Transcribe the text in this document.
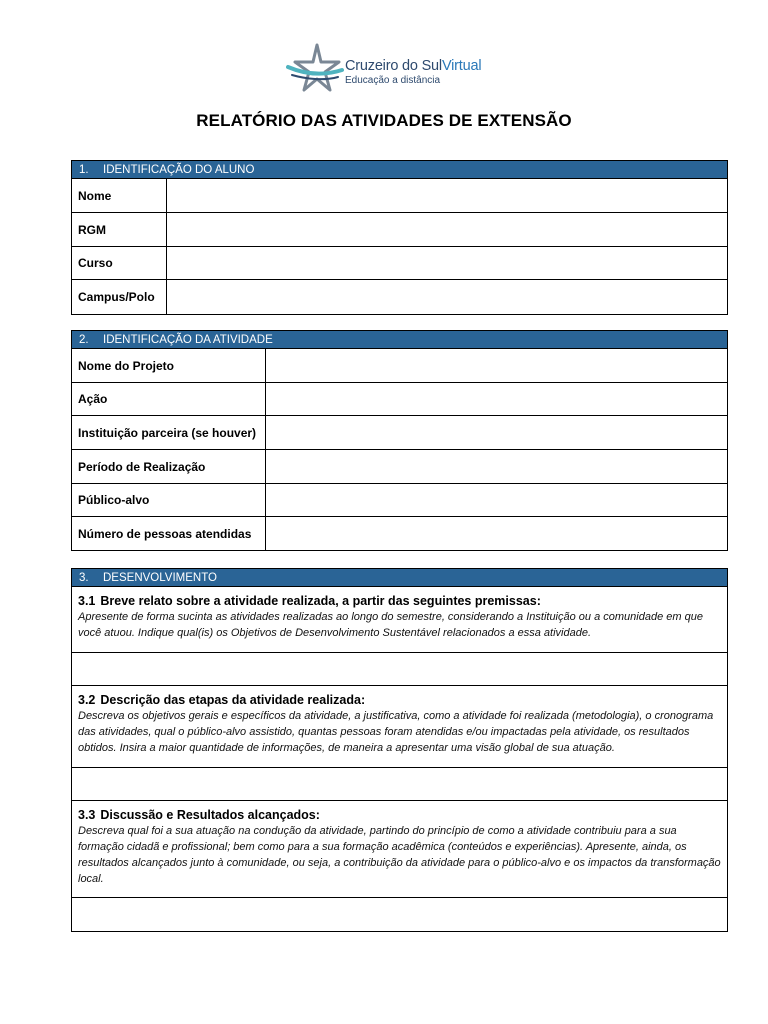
Cruzeiro do SulVirtual
Educação a distância
RELATÓRIO DAS ATIVIDADES DE EXTENSÃO
1. IDENTIFICAÇÃO DO ALUNO
Nome
RGM
Curso
Campus/Polo
2. IDENTIFICAÇÃO DA ATIVIDADE
Nome do Projeto
Ação
Instituição parceira (se houver)
Período de Realização
Público-alvo
Número de pessoas atendidas
3. DESENVOLVIMENTO
3.1 Breve relato sobre a atividade realizada, a partir das seguintes premissas:
Apresente de forma sucinta as atividades realizadas ao longo do semestre, considerando a Instituição ou a comunidade em que você atuou. Indique qual(is) os Objetivos de Desenvolvimento Sustentável relacionados a essa atividade.
3.2 Descrição das etapas da atividade realizada:
Descreva os objetivos gerais e específicos da atividade, a justificativa, como a atividade foi realizada (metodologia), o cronograma das atividades, qual o público-alvo assistido, quantas pessoas foram atendidas e/ou impactadas pela atividade, os resultados obtidos. Insira a maior quantidade de informações, de maneira a apresentar uma visão global de sua atuação.
3.3 Discussão e Resultados alcançados:
Descreva qual foi a sua atuação na condução da atividade, partindo do princípio de como a atividade contribuiu para a sua formação cidadã e profissional; bem como para a sua formação acadêmica (conteúdos e experiências). Apresente, ainda, os resultados alcançados junto à comunidade, ou seja, a contribuição da atividade para o público-alvo e os impactos da transformação local.
